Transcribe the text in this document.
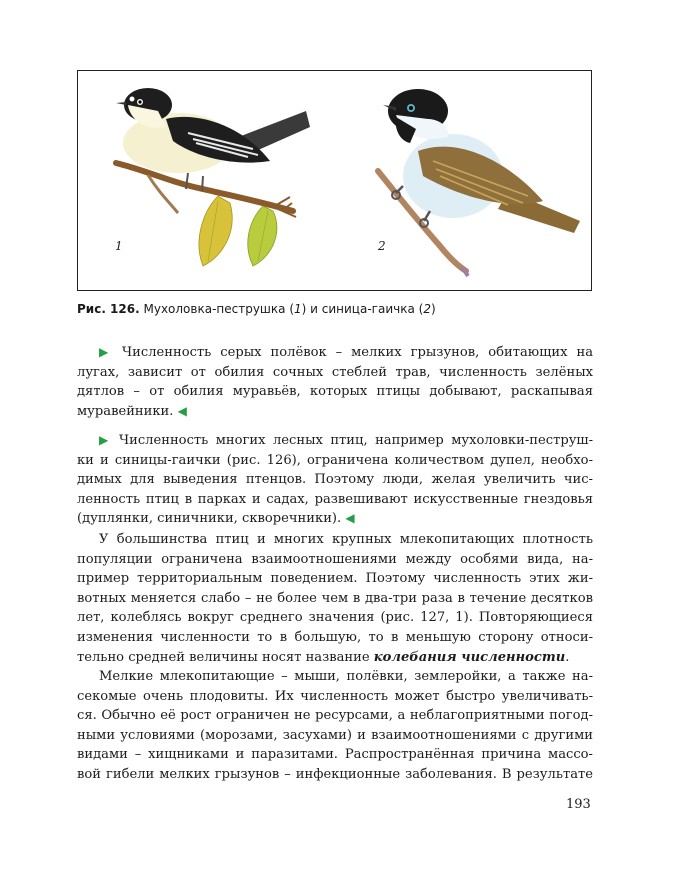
1	2
Рис. 126. Мухоловка-пеструшка (1) и синица-гаичка (2)

▶ Численность серых полёвок – мелких грызунов, обитающих на
лугах, зависит от обилия сочных стеблей трав, численность зелёных
дятлов – от обилия муравьёв, которых птицы добывают, раскапывая
муравейники. ◀

▶ Численность многих лесных птиц, например мухоловки-пеструш-
ки и синицы-гаички (рис. 126), ограничена количеством дупел, необхо-
димых для выведения птенцов. Поэтому люди, желая увеличить чис-
ленность птиц в парках и садах, развешивают искусственные гнездовья
(дуплянки, синичники, скворечники). ◀

У большинства птиц и многих крупных млекопитающих плотность
популяции ограничена взаимоотношениями между особями вида, на-
пример территориальным поведением. Поэтому численность этих жи-
вотных меняется слабо – не более чем в два-три раза в течение десятков
лет, колеблясь вокруг среднего значения (рис. 127, 1). Повторяющиеся
изменения численности то в большую, то в меньшую сторону относи-
тельно средней величины носят название колебания численности.

Мелкие млекопитающие – мыши, полёвки, землеройки, а также на-
секомые очень плодовиты. Их численность может быстро увеличивать-
ся. Обычно её рост ограничен не ресурсами, а неблагоприятными погод-
ными условиями (морозами, засухами) и взаимоотношениями с другими
видами – хищниками и паразитами. Распространённая причина массо-
вой гибели мелких грызунов – инфекционные заболевания. В результате

193
